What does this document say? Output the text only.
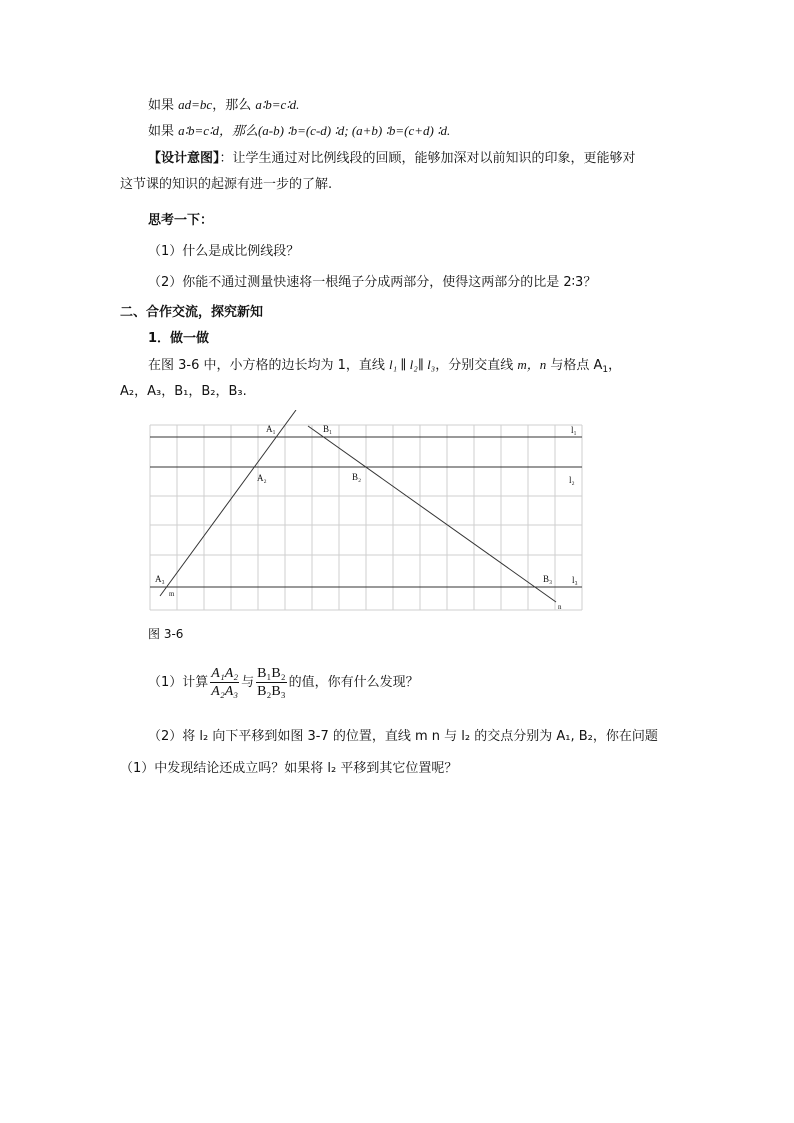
如果 ad=bc，那么 a∶b=c∶d.
如果 a∶b=c∶d，那么(a-b) ∶b=(c-d) ∶d; (a+b) ∶b=(c+d) ∶d.
【设计意图】：让学生通过对比例线段的回顾，能够加深对以前知识的印象，更能够对
这节课的知识的起源有进一步的了解.
思考一下：
（1）什么是成比例线段？
（2）你能不通过测量快速将一根绳子分成两部分，使得这两部分的比是 2∶3？
二、合作交流，探究新知
1．做一做
在图 3-6 中，小方格的边长均为 1，直线 l₁ ∥ l₂∥ l₃，分别交直线 m，n 与格点 $A_1$，
A₂，A₃，B₁，B₂，B₃.
A₁
A₂
A₃
B₁
B₂
B₃
l₁
l₂
l₃
m
n
图 3-6
（1）计算 $\frac{\text{A₁A₂}}{\text{A₂A₃}}$ 与 $\frac{\text{B₁B₂}}{\text{B₂B₃}}$ 的值，你有什么发现？
（2）将 l₂ 向下平移到如图 3-7 的位置，直线 m n 与 l₂ 的交点分别为 A₁, B₂，你在问题
（1）中发现结论还成立吗？如果将 l₂ 平移到其它位置呢？
